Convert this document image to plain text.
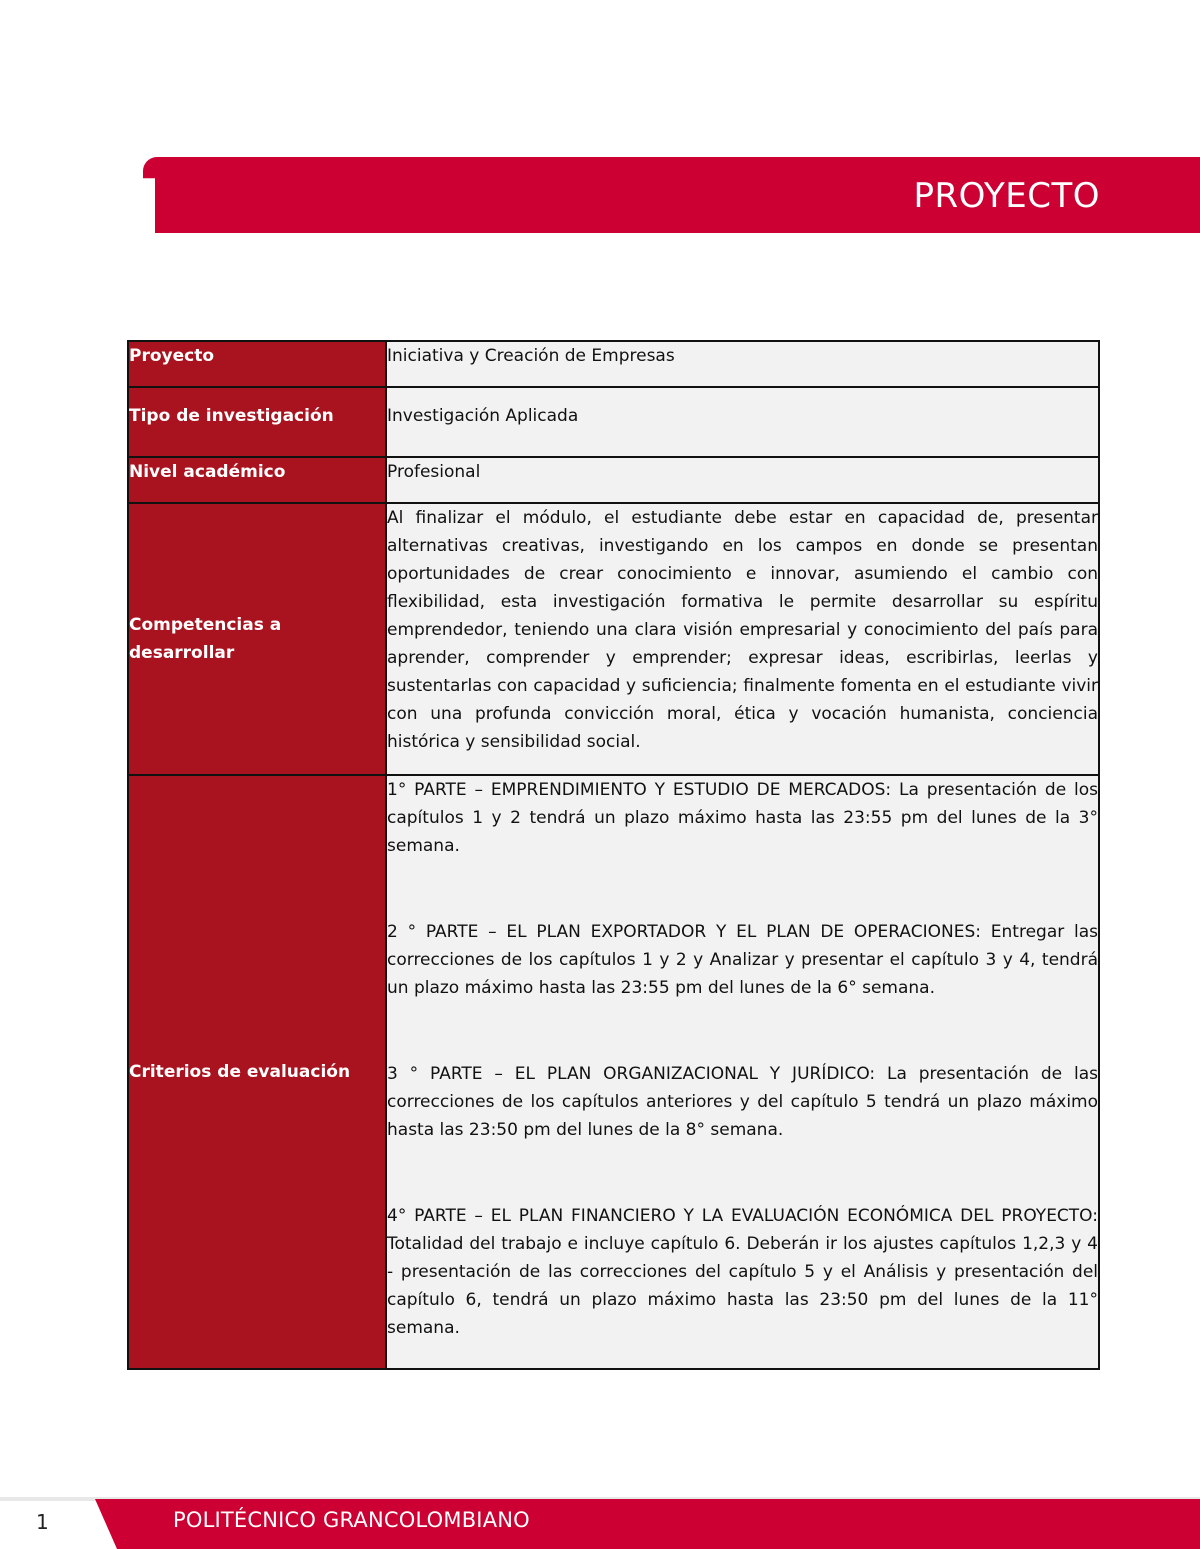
PROYECTO
Proyecto	Iniciativa y Creación de Empresas
Tipo de investigación	Investigación Aplicada
Nivel académico	Profesional
Competencias a desarrollar	Al finalizar el módulo, el estudiante debe estar en capacidad de, presentar alternativas creativas, investigando en los campos en donde se presentan oportunidades de crear conocimiento e innovar, asumiendo el cambio con flexibilidad, esta investigación formativa le permite desarrollar su espíritu emprendedor, teniendo una clara visión empresarial y conocimiento del país para aprender, comprender y emprender; expresar ideas, escribirlas, leerlas y sustentarlas con capacidad y suficiencia; finalmente fomenta en el estudiante vivir con una profunda convicción moral, ética y vocación humanista, conciencia histórica y sensibilidad social.
Criterios de evaluación	1° PARTE – EMPRENDIMIENTO Y ESTUDIO DE MERCADOS: La presentación de los capítulos 1 y 2 tendrá un plazo máximo hasta las 23:55 pm del lunes de la 3° semana.

2 ° PARTE – EL PLAN EXPORTADOR Y EL PLAN DE OPERACIONES: Entregar las correcciones de los capítulos 1 y 2 y Analizar y presentar el capítulo 3 y 4, tendrá un plazo máximo hasta las 23:55 pm del lunes de la 6° semana.

3 ° PARTE – EL PLAN ORGANIZACIONAL Y JURÍDICO: La presentación de las correcciones de los capítulos anteriores y del capítulo 5 tendrá un plazo máximo hasta las 23:50 pm del lunes de la 8° semana.

4° PARTE – EL PLAN FINANCIERO Y LA EVALUACIÓN ECONÓMICA DEL PROYECTO: Totalidad del trabajo e incluye capítulo 6. Deberán ir los ajustes capítulos 1,2,3 y 4 - presentación de las correcciones del capítulo 5 y el Análisis y presentación del capítulo 6, tendrá un plazo máximo hasta las 23:50 pm del lunes de la 11° semana.

1	POLITÉCNICO GRANCOLOMBIANO
